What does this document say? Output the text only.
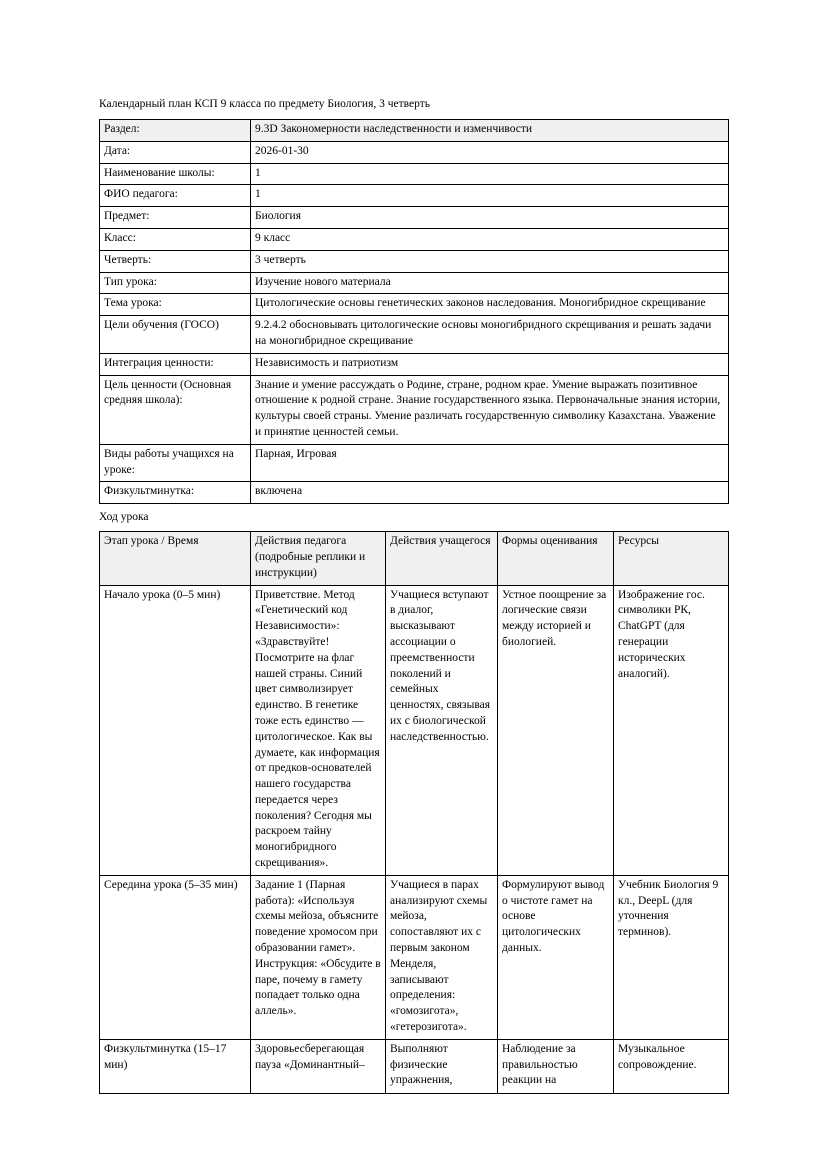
Календарный план КСП 9 класса по предмету Биология, 3 четверть
Раздел:	9.3D Закономерности наследственности и изменчивости
Дата:	2026-01-30
Наименование школы:	1
ФИО педагога:	1
Предмет:	Биология
Класс:	9 класс
Четверть:	3 четверть
Тип урока:	Изучение нового материала
Тема урока:	Цитологические основы генетических законов наследования. Моногибридное скрещивание
Цели обучения (ГОСО)	9.2.4.2 обосновывать цитологические основы моногибридного скрещивания и решать задачи на моногибридное скрещивание
Интеграция ценности:	Независимость и патриотизм
Цель ценности (Основная средняя школа):	Знание и умение рассуждать о Родине, стране, родном крае. Умение выражать позитивное отношение к родной стране. Знание государственного языка. Первоначальные знания истории, культуры своей страны. Умение различать государственную символику Казахстана. Уважение и принятие ценностей семьи.
Виды работы учащихся на уроке:	Парная, Игровая
Физкультминутка:	включена
Ход урока
Этап урока / Время	Действия педагога (подробные реплики и инструкции)	Действия учащегося	Формы оценивания	Ресурсы
Начало урока (0–5 мин)	Приветствие. Метод «Генетический код Независимости»: «Здравствуйте! Посмотрите на флаг нашей страны. Синий цвет символизирует единство. В генетике тоже есть единство — цитологическое. Как вы думаете, как информация от предков-основателей нашего государства передается через поколения? Сегодня мы раскроем тайну моногибридного скрещивания».	Учащиеся вступают в диалог, высказывают ассоциации о преемственности поколений и семейных ценностях, связывая их с биологической наследственностью.	Устное поощрение за логические связи между историей и биологией.	Изображение гос. символики РК, ChatGPT (для генерации исторических аналогий).
Середина урока (5–35 мин)	Задание 1 (Парная работа): «Используя схемы мейоза, объясните поведение хромосом при образовании гамет». Инструкция: «Обсудите в паре, почему в гамету попадает только одна аллель».	Учащиеся в парах анализируют схемы мейоза, сопоставляют их с первым законом Менделя, записывают определения: «гомозигота», «гетерозигота».	Формулируют вывод о чистоте гамет на основе цитологических данных.	Учебник Биология 9 кл., DeepL (для уточнения терминов).

Физкультминутка (15–17 мин)	Здоровьесберегающая пауза «Доминантный–	Выполняют физические упражнения,	Наблюдение за правильностью реакции на	Музыкальное сопровождение.
